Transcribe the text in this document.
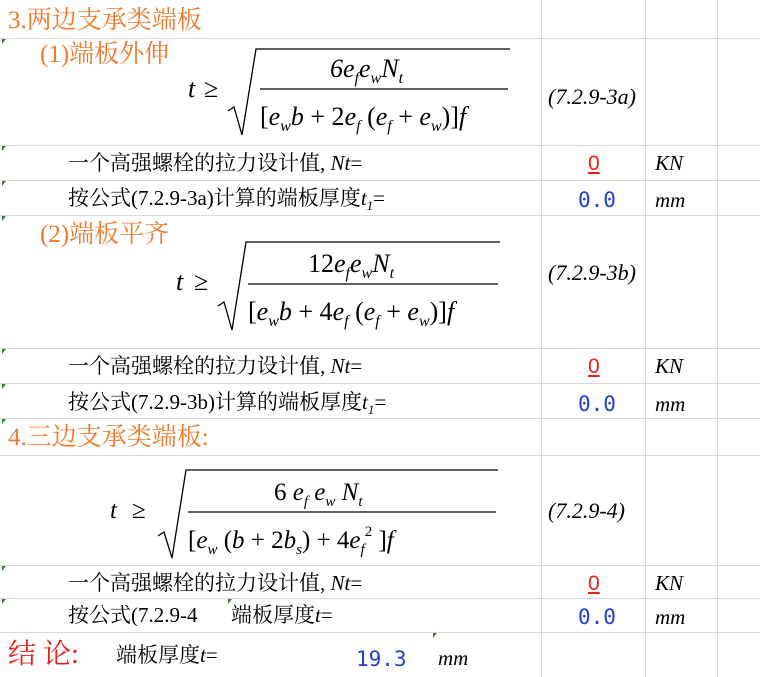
3.两边支承类端板
(1)端板外伸
t ≥
$6e_fe_wN_t$
[$e_wb + 2e_f$ $(e_f + e_w)]f$
(7.2.9-3a)
一个高强螺栓的拉力设计值, Nt=	0	KN
按公式(7.2.9-3a)计算的端板厚度$t_1=$	0.0 mm
(2)端板平齐
t ≥
$12e_fe_wN_t$
[$e_wb + 4e_f$ $(e_f + e_w)]f$
(7.2.9-3b)
一个高强螺栓的拉力设计值, Nt=	0	KN
按公式(7.2.9-3b)计算的端板厚度$t_1=$	0.0 mm
4.三边支承类端板:
t ≥
6 $e_f$ $e_w$ $N_t$
[$e_w$ $(b + 2b_s) + 4e_f^2$ ]f
(7.2.9-4)
一个高强螺栓的拉力设计值, Nt=	0	KN
按公式(7.2.9-4	端板厚度t=	0.0 mm
结 论: 端板厚度t=	19.3 mm
